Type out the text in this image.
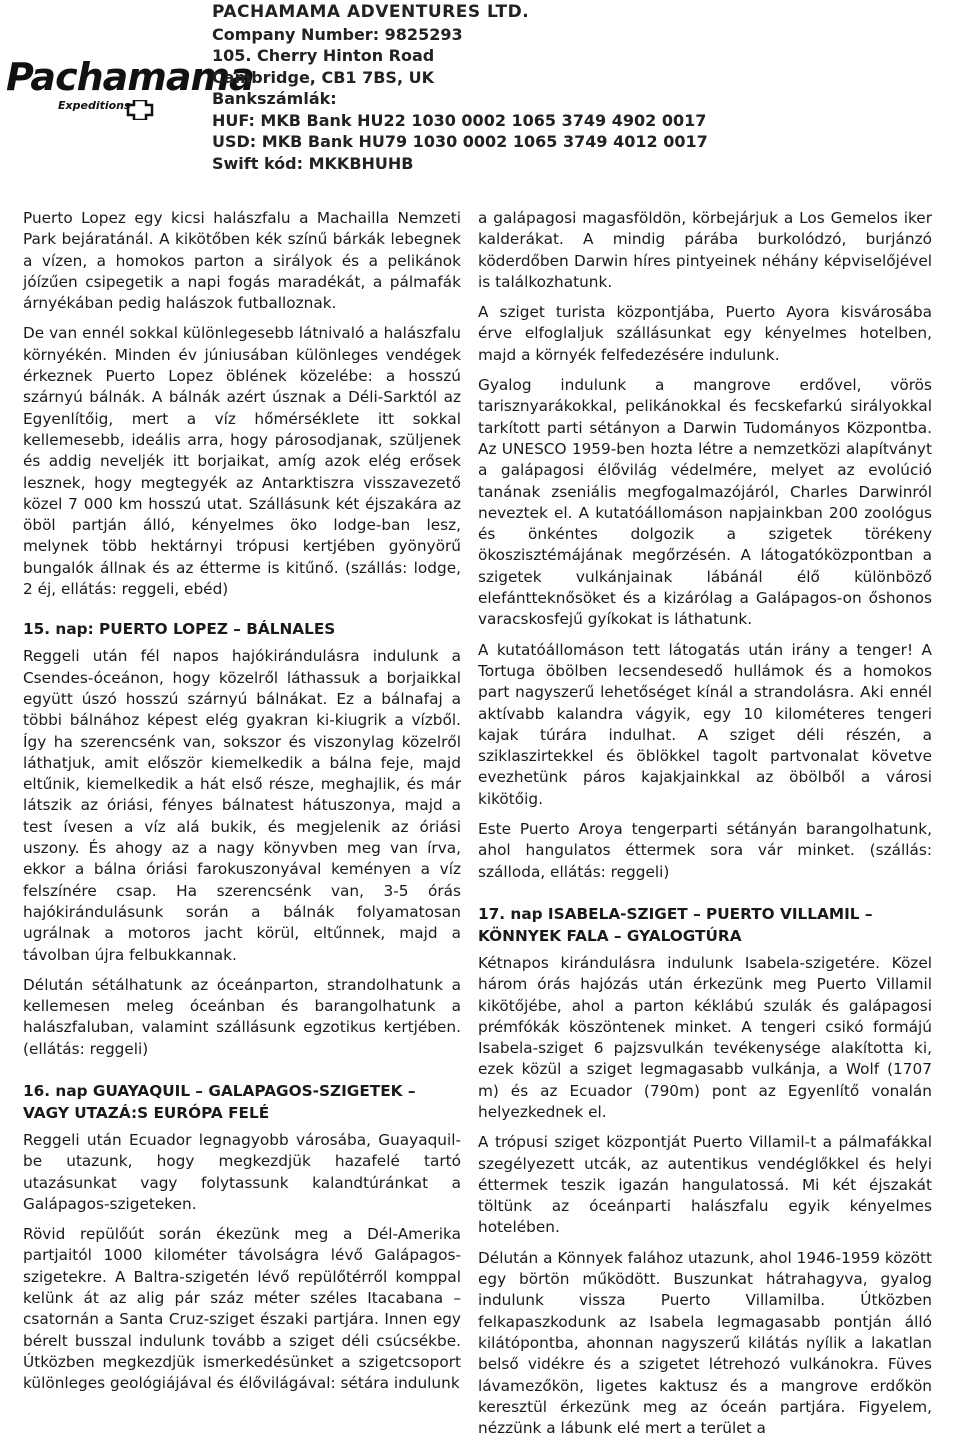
Pachamama
Expeditions
PACHAMAMA ADVENTURES LTD.
Company Number: 9825293
105. Cherry Hinton Road
Cambridge, CB1 7BS, UK
Bankszámlák:
HUF: MKB Bank HU22 1030 0002 1065 3749 4902 0017
USD: MKB Bank HU79 1030 0002 1065 3749 4012 0017
Swift kód: MKKBHUHB

Puerto Lopez egy kicsi halászfalu a Machailla Nemzeti Park bejáratánál. A kikötőben kék színű bárkák lebegnek a vízen, a homokos parton a sirályok és a pelikánok jóízűen csipegetik a napi fogás maradékát, a pálmafák árnyékában pedig halászok futballoznak.

De van ennél sokkal különlegesebb látnivaló a halászfalu környékén. Minden év júniusában különleges vendégek érkeznek Puerto Lopez öblének közelébe: a hosszú szárnyú bálnák. A bálnák azért úsznak a Déli-Sarktól az Egyenlítőig, mert a víz hőmérséklete itt sokkal kellemesebb, ideális arra, hogy párosodjanak, szüljenek és addig neveljék itt borjaikat, amíg azok elég erősek lesznek, hogy megtegyék az Antarktiszra visszavezető közel 7 000 km hosszú utat. Szállásunk két éjszakára az öböl partján álló, kényelmes öko lodge-ban lesz, melynek több hektárnyi trópusi kertjében gyönyörű bungalók állnak és az étterme is kitűnő. (szállás: lodge, 2 éj, ellátás: reggeli, ebéd)

15. nap: PUERTO LOPEZ – BÁLNALES

Reggeli után fél napos hajókirándulásra indulunk a Csendes-óceánon, hogy közelről láthassuk a borjaikkal együtt úszó hosszú szárnyú bálnákat. Ez a bálnafaj a többi bálnához képest elég gyakran ki-kiugrik a vízből. Így ha szerencsénk van, sokszor és viszonylag közelről láthatjuk, amit először kiemelkedik a bálna feje, majd eltűnik, kiemelkedik a hát első része, meghajlik, és már látszik az óriási, fényes bálnatest hátuszonya, majd a test ívesen a víz alá bukik, és megjelenik az óriási uszony. És ahogy az a nagy könyvben meg van írva, ekkor a bálna óriási farokuszonyával keményen a víz felszínére csap. Ha szerencsénk van, 3-5 órás hajókirándulásunk során a bálnák folyamatosan ugrálnak a motoros jacht körül, eltűnnek, majd a távolban újra felbukkannak.

Délután sétálhatunk az óceánparton, strandolhatunk a kellemesen meleg óceánban és barangolhatunk a halászfaluban, valamint szállásunk egzotikus kertjében. (ellátás: reggeli)

16. nap GUAYAQUIL – GALAPAGOS-SZIGETEK –
VAGY UTAZÁ:S EURÓPA FELÉ

Reggeli után Ecuador legnagyobb városába, Guayaquil-be utazunk, hogy megkezdjük hazafelé tartó utazásunkat vagy folytassunk kalandtúránkat a Galápagos-szigeteken.

Rövid repülőút során ékezünk meg a Dél-Amerika partjaitól 1000 kilométer távolságra lévő Galápagos-szigetekre. A Baltra-szigetén lévő repülőtérről komppal kelünk át az alig pár száz méter széles Itacabana – csatornán a Santa Cruz-sziget északi partjára. Innen egy bérelt busszal indulunk tovább a sziget déli csúcsékbe. Útközben megkezdjük ismerkedésünket a szigetcsoport különleges geológiájával és élővilágával: sétára indulunk

a galápagosi magasföldön, körbejárjuk a Los Gemelos iker kalderákat. A mindig párába burkolódzó, burjánzó köderdőben Darwin híres pintyeinek néhány képviselőjével is találkozhatunk.

A sziget turista központjába, Puerto Ayora kisvárosába érve elfoglaljuk szállásunkat egy kényelmes hotelben, majd a környék felfedezésére indulunk.

Gyalog indulunk a mangrove erdővel, vörös tarisznyarákokkal, pelikánokkal és fecskefarkú sirályokkal tarkított parti sétányon a Darwin Tudományos Központba. Az UNESCO 1959-ben hozta létre a nemzetközi alapítványt a galápagosi élővilág védelmére, melyet az evolúció tanának zseniális megfogalmazójáról, Charles Darwinról neveztek el. A kutatóállomáson napjainkban 200 zoológus és önkéntes dolgozik a szigetek törékeny ökoszisztémájának megőrzésén. A látogatóközpontban a szigetek vulkánjainak lábánál élő különböző elefántteknősöket és a kizárólag a Galápagos-on őshonos varacskosfejű gyíkokat is láthatunk.

A kutatóállomáson tett látogatás után irány a tenger! A Tortuga öbölben lecsendesedő hullámok és a homokos part nagyszerű lehetőséget kínál a strandolásra. Aki ennél aktívabb kalandra vágyik, egy 10 kilométeres tengeri kajak túrára indulhat. A sziget déli részén, a sziklaszirtekkel és öblökkel tagolt partvonalat követve evezhetünk páros kajakjainkkal az öbölből a városi kikötőig.

Este Puerto Aroya tengerparti sétányán barangolhatunk, ahol hangulatos éttermek sora vár minket. (szállás: szálloda, ellátás: reggeli)

17. nap ISABELA-SZIGET – PUERTO VILLAMIL –
KÖNNYEK FALA – GYALOGTÚRA

Kétnapos kirándulásra indulunk Isabela-szigetére. Közel három órás hajózás után érkezünk meg Puerto Villamil kikötőjébe, ahol a parton kéklábú szulák és galápagosi prémfókák köszöntenek minket. A tengeri csikó formájú Isabela-sziget 6 pajzsvulkán tevékenysége alakította ki, ezek közül a sziget legmagasabb vulkánja, a Wolf (1707 m) és az Ecuador (790m) pont az Egyenlítő vonalán helyezkednek el.

A trópusi sziget központját Puerto Villamil-t a pálmafákkal szegélyezett utcák, az autentikus vendéglőkkel és helyi éttermek teszik igazán hangulatossá. Mi két éjszakát töltünk az óceánparti halászfalu egyik kényelmes hotelében.

Délután a Könnyek falához utazunk, ahol 1946-1959 között egy börtön működött. Buszunkat hátrahagyva, gyalog indulunk vissza Puerto Villamilba. Útközben felkapaszkodunk az Isabela legmagasabb pontján álló kilátópontba, ahonnan nagyszerű kilátás nyílik a lakatlan belső vidékre és a szigetet létrehozó vulkánokra. Füves lávamezőkön, ligetes kaktusz és a mangrove erdőkön keresztül érkezünk meg az óceán partjára. Figyelem, nézzünk a lábunk elé mert a terület a
